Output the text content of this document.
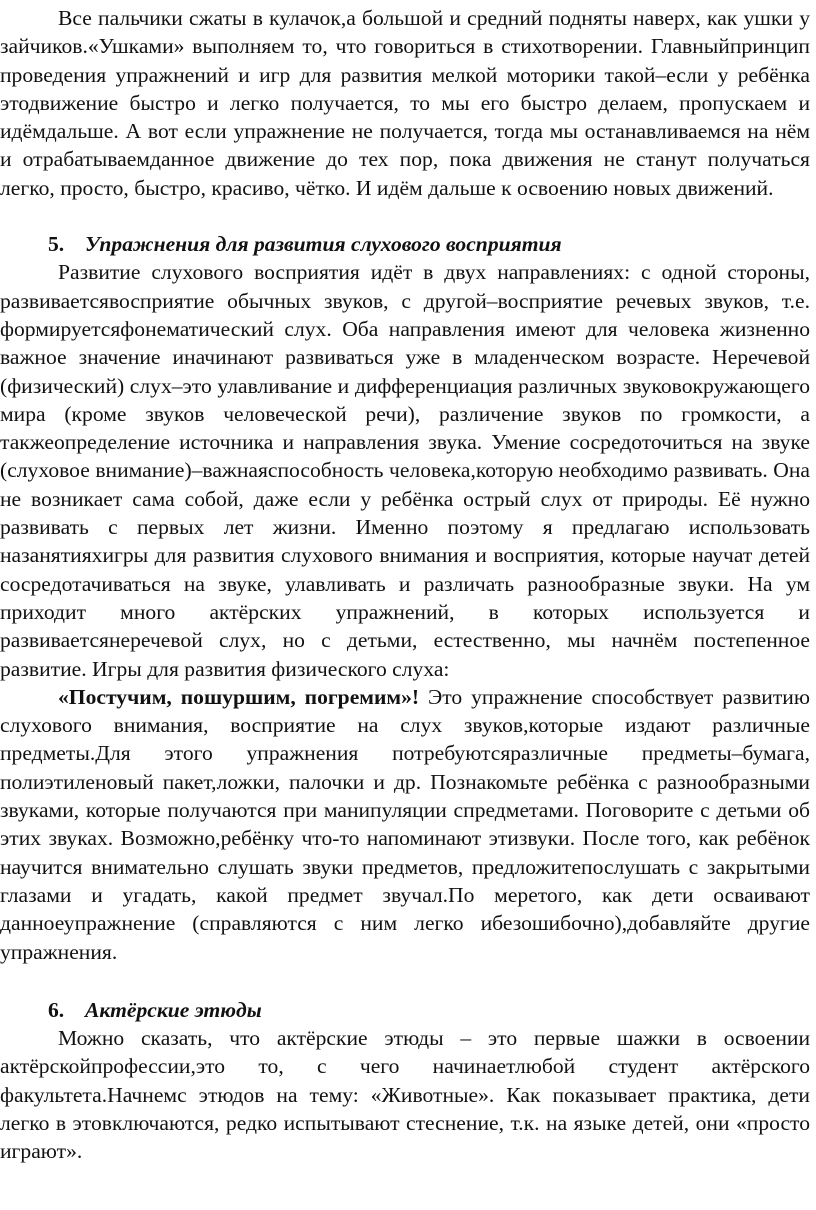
Все пальчики сжаты в кулачок,а большой и средний подняты наверх, как ушки у зайчиков.«Ушками» выполняем то, что говориться в стихотворении. Главныйпринцип проведения упражнений и игр для развития мелкой моторики такой–если у ребёнка этодвижение быстро и легко получается, то мы его быстро делаем, пропускаем и идёмдальше. А вот если упражнение не получается, тогда мы останавливаемся на нём и отрабатываемданное движение до тех пор, пока движения не станут получаться легко, просто, быстро, красиво, чётко. И идём дальше к освоению новых движений.

5. Упражнения для развития слухового восприятия

Развитие слухового восприятия идёт в двух направлениях: с одной стороны, развиваетсявосприятие обычных звуков, с другой–восприятие речевых звуков, т.е. формируетсяфонематический слух. Оба направления имеют для человека жизненно важное значение иначинают развиваться уже в младенческом возрасте. Неречевой (физический) слух–это улавливание и дифференциация различных звуковокружающего мира (кроме звуков человеческой речи), различение звуков по громкости, а такжеопределение источника и направления звука. Умение сосредоточиться на звуке (слуховое внимание)–важнаяспособность человека,которую необходимо развивать. Она не возникает сама собой, даже если у ребёнка острый слух от природы. Её нужно развивать с первых лет жизни. Именно поэтому я предлагаю использовать назанятияхигры для развития слухового внимания и восприятия, которые научат детей сосредотачиваться на звуке, улавливать и различать разнообразные звуки. На ум приходит много актёрских упражнений, в которых используется и развиваетсянеречевой слух, но с детьми, естественно, мы начнём постепенное развитие. Игры для развития физического слуха:

«Постучим, пошуршим, погремим»! Это упражнение способствует развитию слухового внимания, восприятие на слух звуков,которые издают различные предметы.Для этого упражнения потребуютсяразличные предметы–бумага, полиэтиленовый пакет,ложки, палочки и др. Познакомьте ребёнка с разнообразными звуками, которые получаются при манипуляции спредметами. Поговорите с детьми об этих звуках. Возможно,ребёнку что-то напоминают этизвуки. После того, как ребёнок научится внимательно слушать звуки предметов, предложитепослушать с закрытыми глазами и угадать, какой предмет звучал.По меретого, как дети осваивают данноеупражнение (справляются с ним легко ибезошибочно),добавляйте другие упражнения.

6. Актёрские этюды

Можно сказать, что актёрские этюды – это первые шажки в освоении актёрскойпрофессии,это то, с чего начинаетлюбой студент актёрского факультета.Начнемс этюдов на тему: «Животные». Как показывает практика, дети легко в этовключаются, редко испытывают стеснение, т.к. на языке детей, они «просто играют».
